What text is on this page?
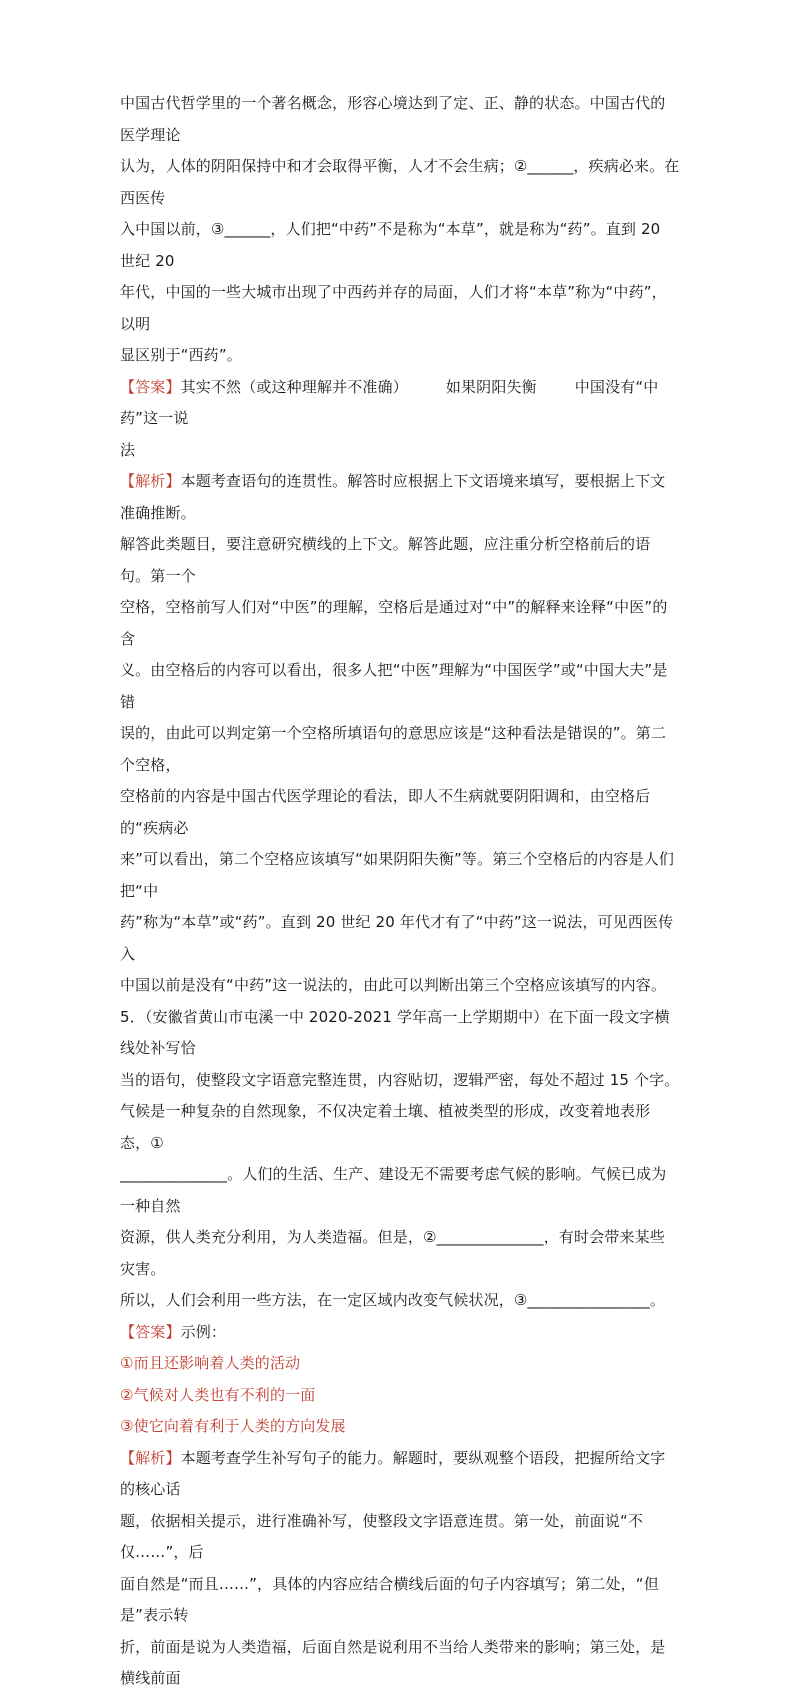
中国古代哲学里的一个著名概念，形容心境达到了定、正、静的状态。中国古代的医学理论

认为，人体的阴阳保持中和才会取得平衡，人才不会生病；②______，疾病必来。在西医传

入中国以前，③______，人们把“中药”不是称为“本草”，就是称为“药”。直到 20 世纪 20

年代，中国的一些大城市出现了中西药并存的局面，人们才将“本草”称为“中药”，以明

显区别于“西药”。

【答案】其实不然（或这种理解并不准确）	如果阴阳失衡	中国没有“中药”这一说

法

【解析】本题考查语句的连贯性。解答时应根据上下文语境来填写，要根据上下文准确推断。

解答此类题目，要注意研究横线的上下文。解答此题，应注重分析空格前后的语句。第一个

空格，空格前写人们对“中医”的理解，空格后是通过对“中”的解释来诠释“中医”的含

义。由空格后的内容可以看出，很多人把“中医”理解为“中国医学”或“中国大夫”是错

误的，由此可以判定第一个空格所填语句的意思应该是“这种看法是错误的”。第二个空格，

空格前的内容是中国古代医学理论的看法，即人不生病就要阴阳调和，由空格后的“疾病必

来”可以看出，第二个空格应该填写“如果阴阳失衡”等。第三个空格后的内容是人们把“中

药”称为“本草”或“药”。直到 20 世纪 20 年代才有了“中药”这一说法，可见西医传入

中国以前是没有“中药”这一说法的，由此可以判断出第三个空格应该填写的内容。

5．（安徽省黄山市屯溪一中 2020-2021 学年高一上学期期中）在下面一段文字横线处补写恰

当的语句，使整段文字语意完整连贯，内容贴切，逻辑严密，每处不超过 15 个字。

气候是一种复杂的自然现象，不仅决定着土壤、植被类型的形成，改变着地表形态，①

______________。人们的生活、生产、建设无不需要考虑气候的影响。气候已成为一种自然

资源，供人类充分利用，为人类造福。但是，②______________，有时会带来某些灾害。

所以，人们会利用一些方法，在一定区域内改变气候状况，③________________。

【答案】示例：

①而且还影响着人类的活动

②气候对人类也有不利的一面

③使它向着有利于人类的方向发展

【解析】本题考查学生补写句子的能力。解题时，要纵观整个语段，把握所给文字的核心话

题，依据相关提示，进行准确补写，使整段文字语意连贯。第一处，前面说“不仅……”，后

面自然是“而且……”，具体的内容应结合横线后面的句子内容填写；第二处，“但是”表示转

折，前面是说为人类造福，后面自然是说利用不当给人类带来的影响；第三处，是横线前面
